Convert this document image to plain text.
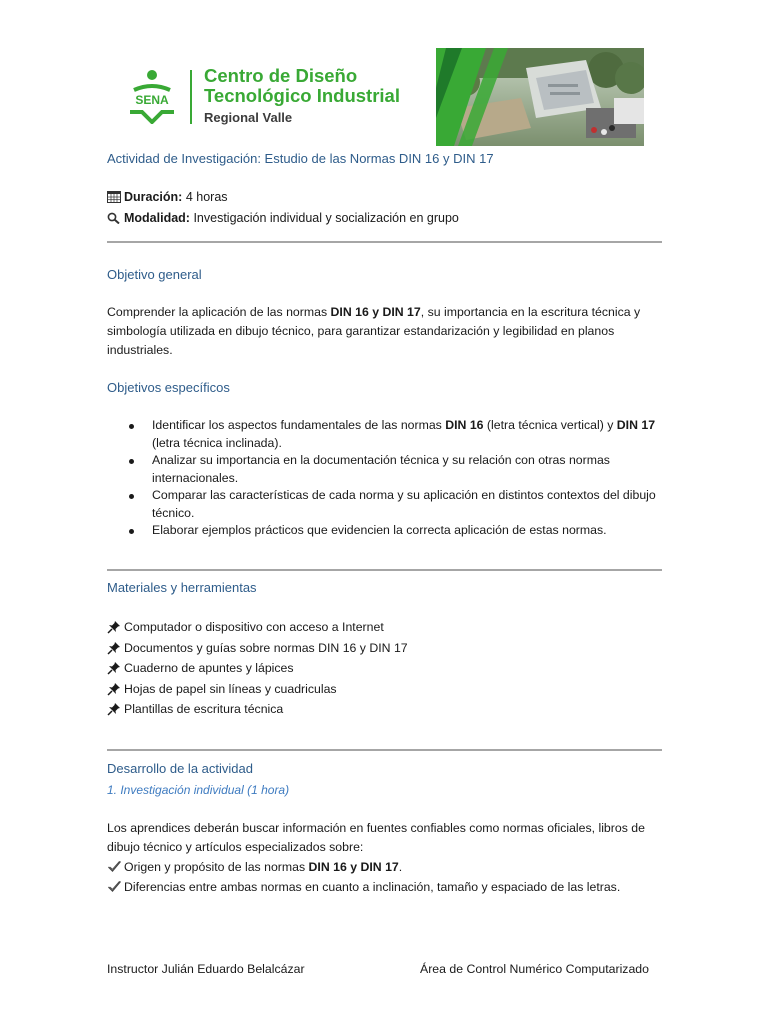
SENA
Centro de Diseño
Tecnológico Industrial
Regional Valle
Actividad de Investigación: Estudio de las Normas DIN 16 y DIN 17
Duración: 4 horas
Modalidad: Investigación individual y socialización en grupo
Objetivo general
Comprender la aplicación de las normas DIN 16 y DIN 17, su importancia en la escritura técnica y simbología utilizada en dibujo técnico, para garantizar estandarización y legibilidad en planos industriales.
Objetivos específicos
Identificar los aspectos fundamentales de las normas DIN 16 (letra técnica vertical) y DIN 17 (letra técnica inclinada).
Analizar su importancia en la documentación técnica y su relación con otras normas internacionales.
Comparar las características de cada norma y su aplicación en distintos contextos del dibujo técnico.
Elaborar ejemplos prácticos que evidencien la correcta aplicación de estas normas.
Materiales y herramientas
Computador o dispositivo con acceso a Internet
Documentos y guías sobre normas DIN 16 y DIN 17
Cuaderno de apuntes y lápices
Hojas de papel sin líneas y cuadriculas
Plantillas de escritura técnica
Desarrollo de la actividad
1. Investigación individual (1 hora)
Los aprendices deberán buscar información en fuentes confiables como normas oficiales, libros de dibujo técnico y artículos especializados sobre:
Origen y propósito de las normas DIN 16 y DIN 17.
Diferencias entre ambas normas en cuanto a inclinación, tamaño y espaciado de las letras.
Instructor Julián Eduardo Belalcázar	Área de Control Numérico Computarizado
